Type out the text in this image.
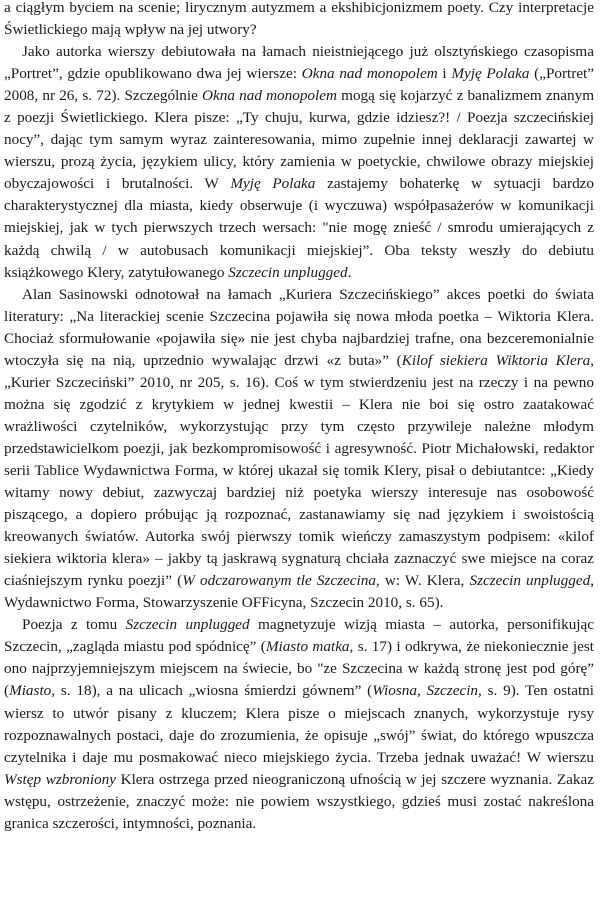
a ciągłym byciem na scenie; lirycznym autyzmem a ekshibicjonizmem poety. Czy interpretacje Świetlickiego mają wpływ na jej utwory?

Jako autorka wierszy debiutowała na łamach nieistniejącego już olsztyńskiego czasopisma „Portret”, gdzie opublikowano dwa jej wiersze: Okna nad monopolem i Myję Polaka („Portret” 2008, nr 26, s. 72). Szczególnie Okna nad monopolem mogą się kojarzyć z banalizmem znanym z poezji Świetlickiego. Klera pisze: „Ty chuju, kurwa, gdzie idziesz?! / Poezja szczecińskiej nocy”, dając tym samym wyraz zainteresowania, mimo zupełnie innej deklaracji zawartej w wierszu, prozą życia, językiem ulicy, który zamienia w poetyckie, chwilowe obrazy miejskiej obyczajowości i brutalności. W Myję Polaka zastajemy bohaterkę w sytuacji bardzo charakterystycznej dla miasta, kiedy obserwuje (i wyczuwa) współpasażerów w komunikacji miejskiej, jak w tych pierwszych trzech wersach: "nie mogę znieść / smrodu umierających z każdą chwilą / w autobusach komunikacji miejskiej”. Oba teksty weszły do debiutu książkowego Klery, zatytułowanego Szczecin unplugged.

Alan Sasinowski odnotował na łamach „Kuriera Szczecińskiego” akces poetki do świata literatury: „Na literackiej scenie Szczecina pojawiła się nowa młoda poetka – Wiktoria Klera. Chociaż sformułowanie «pojawiła się» nie jest chyba najbardziej trafne, ona bezceremonialnie wtoczyła się na nią, uprzednio wywalając drzwi «z buta»” (Kilof siekiera Wiktoria Klera, „Kurier Szczeciński” 2010, nr 205, s. 16). Coś w tym stwierdzeniu jest na rzeczy i na pewno można się zgodzić z krytykiem w jednej kwestii – Klera nie boi się ostro zaatakować wrażliwości czytelników, wykorzystując przy tym często przywileje należne młodym przedstawicielkom poezji, jak bezkompromisowość i agresywność. Piotr Michałowski, redaktor serii Tablice Wydawnictwa Forma, w której ukazał się tomik Klery, pisał o debiutantce: „Kiedy witamy nowy debiut, zazwyczaj bardziej niż poetyka wierszy interesuje nas osobowość piszącego, a dopiero próbując ją rozpoznać, zastanawiamy się nad językiem i swoistością kreowanych światów. Autorka swój pierwszy tomik wieńczy zamaszystym podpisem: «kilof siekiera wiktoria klera» – jakby tą jaskrawą sygnaturą chciała zaznaczyć swe miejsce na coraz ciaśniejszym rynku poezji” (W odczarowanym tle Szczecina, w: W. Klera, Szczecin unplugged, Wydawnictwo Forma, Stowarzyszenie OFFicyna, Szczecin 2010, s. 65).

Poezja z tomu Szczecin unplugged magnetyzuje wizją miasta – autorka, personifikując Szczecin, „zagląda miastu pod spódnicę” (Miasto matka, s. 17) i odkrywa, że niekoniecznie jest ono najprzyjemniejszym miejscem na świecie, bo "ze Szczecina w każdą stronę jest pod górę” (Miasto, s. 18), a na ulicach „wiosna śmierdzi gównem” (Wiosna, Szczecin, s. 9). Ten ostatni wiersz to utwór pisany z kluczem; Klera pisze o miejscach znanych, wykorzystuje rysy rozpoznawalnych postaci, daje do zrozumienia, że opisuje „swój” świat, do którego wpuszcza czytelnika i daje mu posmakować nieco miejskiego życia. Trzeba jednak uważać! W wierszu Wstęp wzbroniony Klera ostrzega przed nieograniczoną ufnością w jej szczere wyznania. Zakaz wstępu, ostrzeżenie, znaczyć może: nie powiem wszystkiego, gdzieś musi zostać nakreślona granica szczerości, intymności, poznania.
